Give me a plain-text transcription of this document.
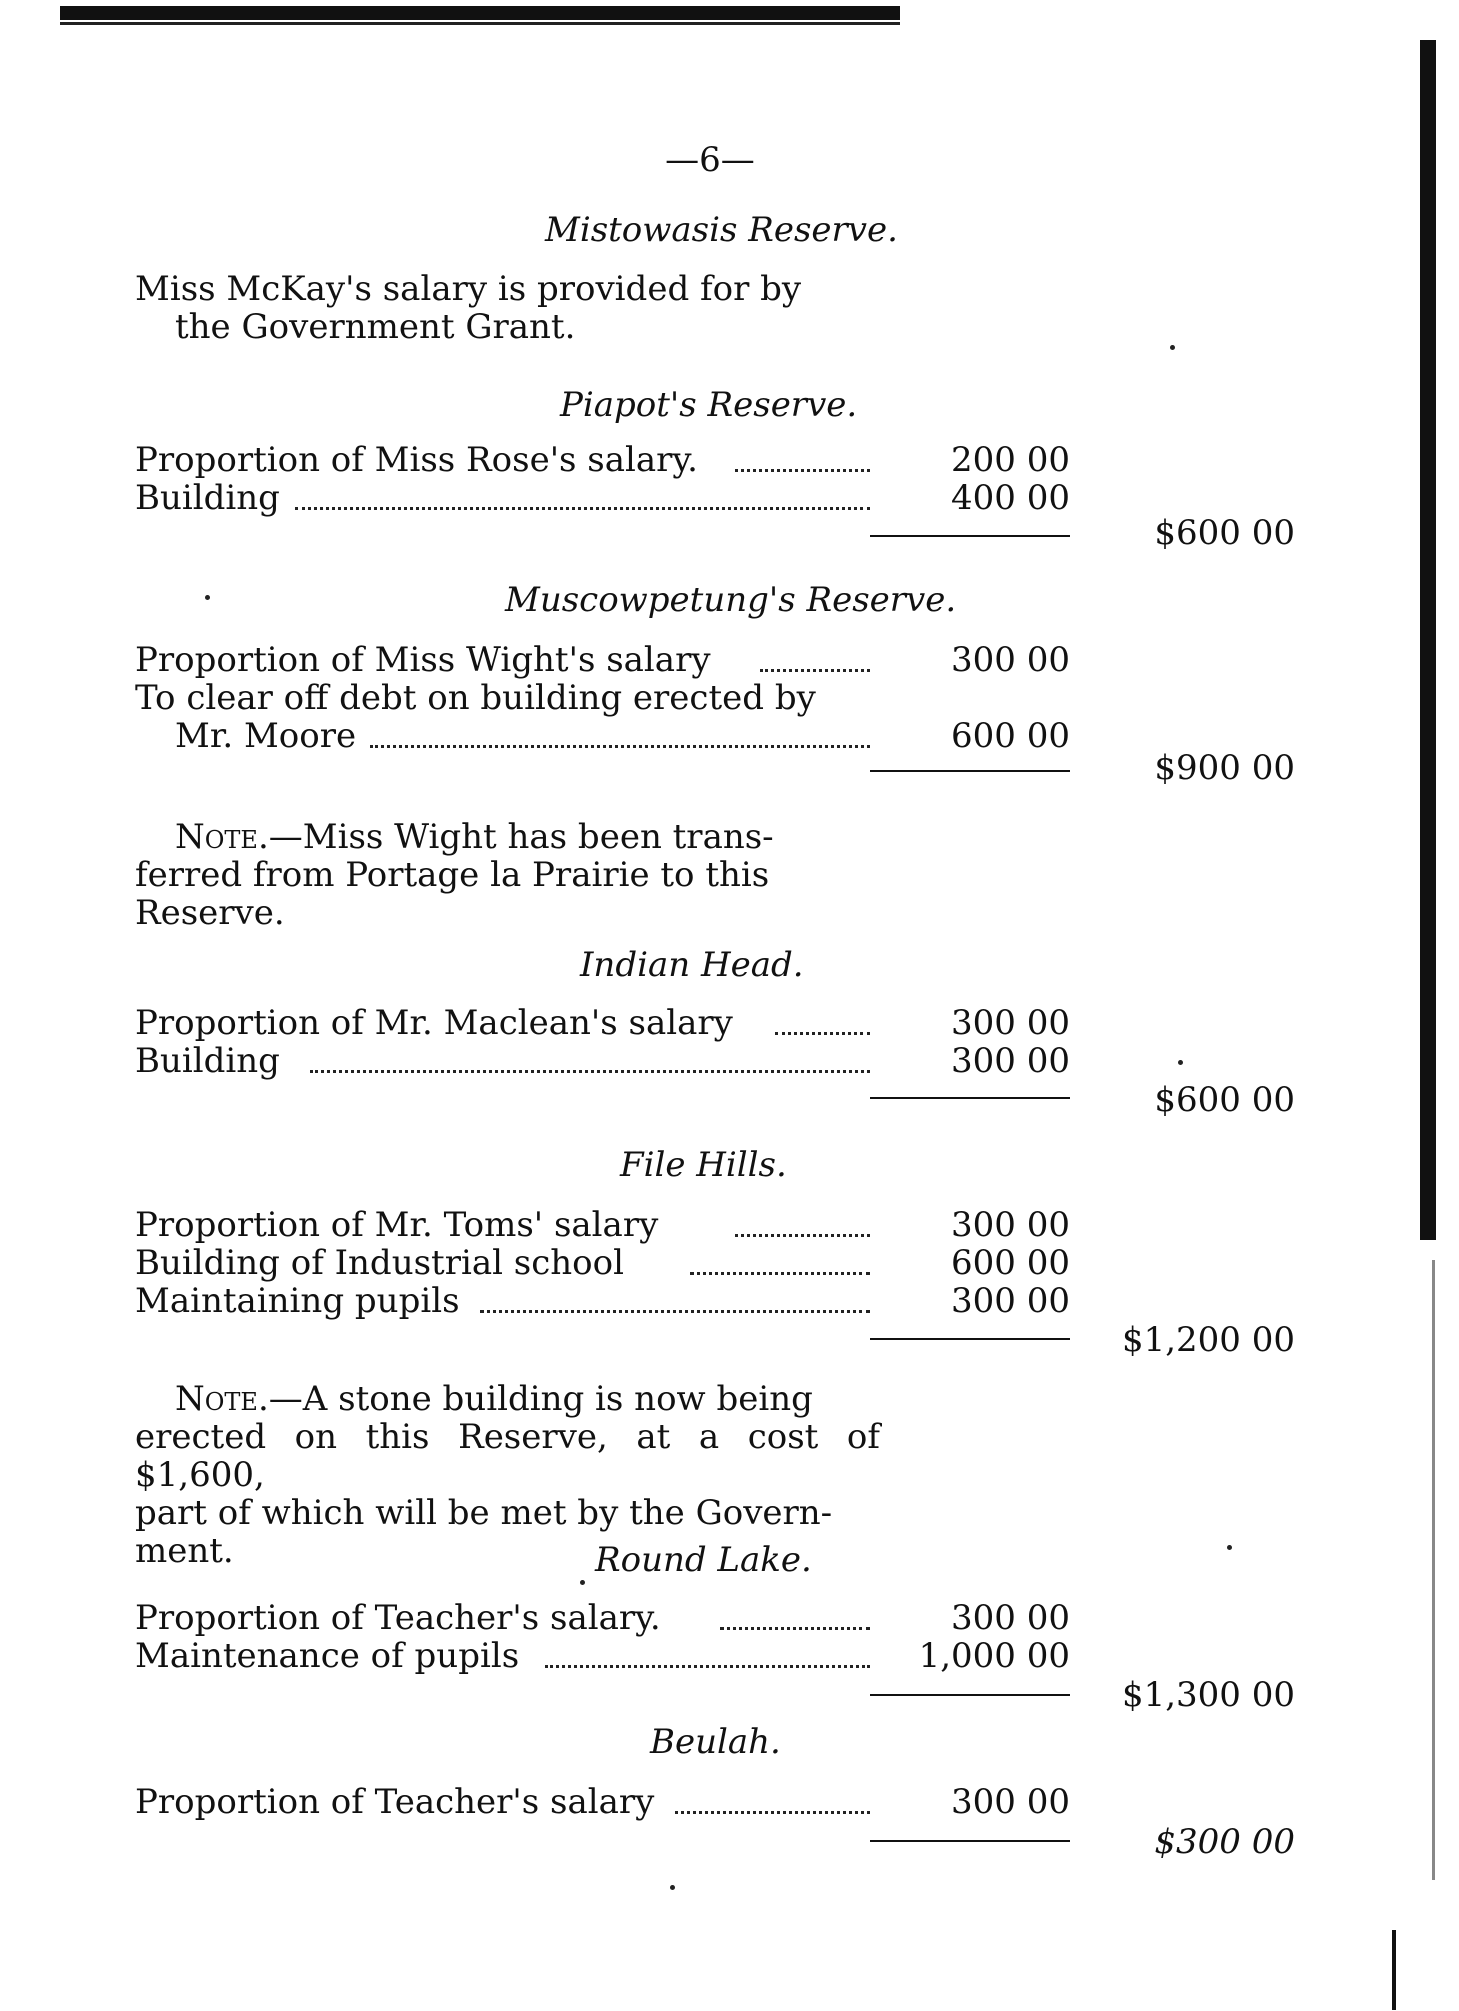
—6—
Mistowasis Reserve.
Miss McKay's salary is provided for by
the Government Grant.
Piapot's Reserve.
Proportion of Miss Rose's salary.	200 00
Building	400 00
$600 00
Muscowpetung's Reserve.
Proportion of Miss Wight's salary	300 00
To clear off debt on building erected by
Mr. Moore	600 00
$900 00
Note.—Miss Wight has been trans-
ferred from Portage la Prairie to this
Reserve.
Indian Head.
Proportion of Mr. Maclean's salary	300 00
Building	300 00
$600 00
File Hills.
Proportion of Mr. Toms' salary	300 00
Building of Industrial school	600 00
Maintaining pupils	300 00
$1,200 00
Note.—A stone building is now being
erected on this Reserve, at a cost of $1,600,
part of which will be met by the Govern-
ment.	Round Lake.
Proportion of Teacher's salary.	300 00
Maintenance of pupils	1,000 00
$1,300 00
Beulah.
Proportion of Teacher's salary	300 00
$300 00
